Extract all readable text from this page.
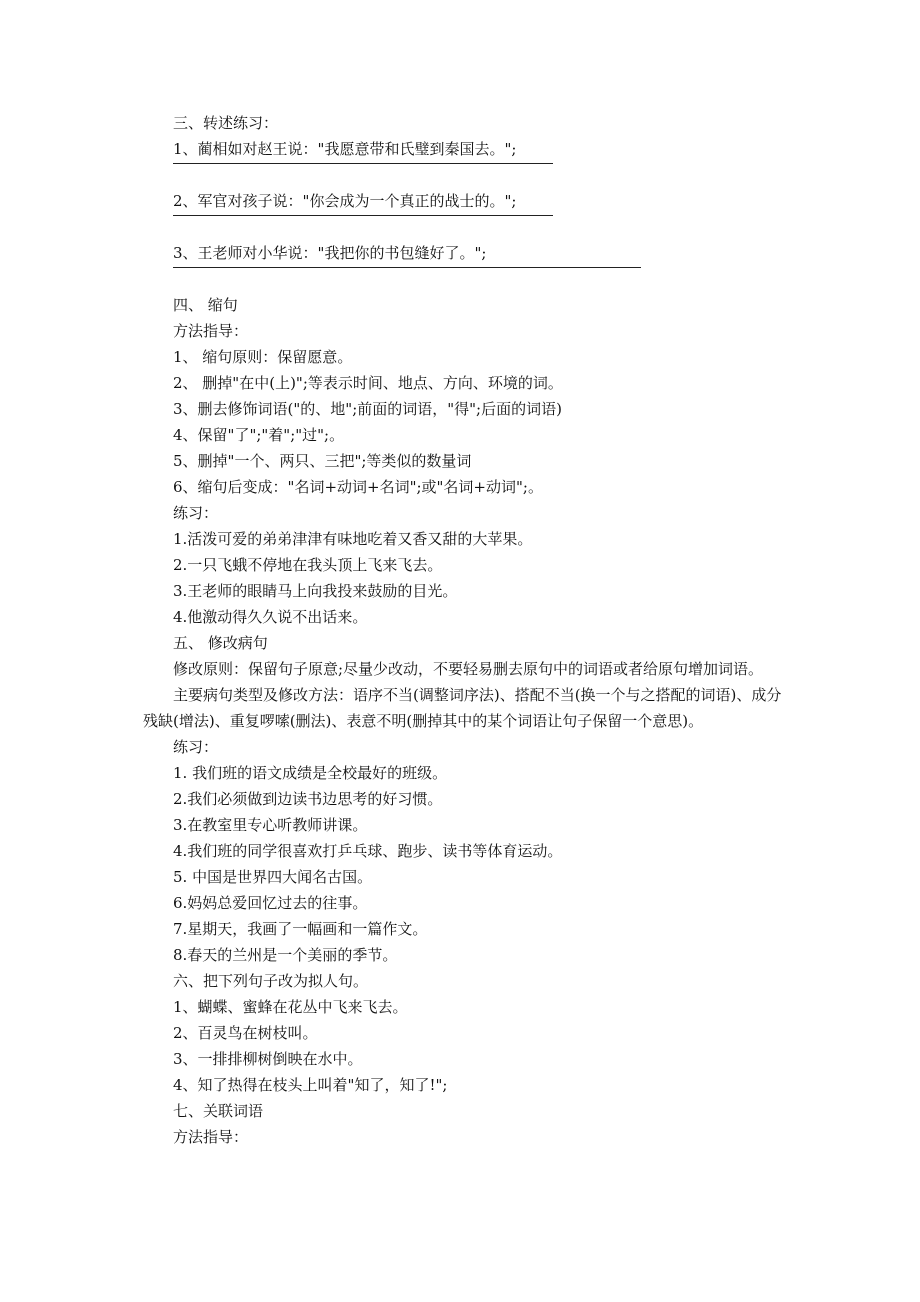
三、转述练习：
1、蔺相如对赵王说："我愿意带和氏璧到秦国去。";
2、军官对孩子说："你会成为一个真正的战士的。";
3、王老师对小华说："我把你的书包缝好了。";
四、 缩句
方法指导：
1、 缩句原则：保留愿意。
2、 删掉"在中(上)";等表示时间、地点、方向、环境的词。
3、删去修饰词语("的、地";前面的词语，"得";后面的词语)
4、保留"了";"着";"过";。
5、删掉"一个、两只、三把";等类似的数量词
6、缩句后变成："名词+动词+名词";或"名词+动词";。
练习：
1.活泼可爱的弟弟津津有味地吃着又香又甜的大苹果。
2.一只飞蛾不停地在我头顶上飞来飞去。
3.王老师的眼睛马上向我投来鼓励的目光。
4.他激动得久久说不出话来。
五、 修改病句
修改原则：保留句子原意;尽量少改动，不要轻易删去原句中的词语或者给原句增加词语。
主要病句类型及修改方法：语序不当(调整词序法)、搭配不当(换一个与之搭配的词语)、成分残缺(增法)、重复啰嗦(删法)、表意不明(删掉其中的某个词语让句子保留一个意思)。
练习：
1. 我们班的语文成绩是全校最好的班级。
2.我们必须做到边读书边思考的好习惯。
3.在教室里专心听教师讲课。
4.我们班的同学很喜欢打乒乓球、跑步、读书等体育运动。
5. 中国是世界四大闻名古国。
6.妈妈总爱回忆过去的往事。
7.星期天，我画了一幅画和一篇作文。
8.春天的兰州是一个美丽的季节。
六、把下列句子改为拟人句。
1、蝴蝶、蜜蜂在花丛中飞来飞去。
2、百灵鸟在树枝叫。
3、一排排柳树倒映在水中。
4、知了热得在枝头上叫着"知了，知了!";
七、关联词语
方法指导：
